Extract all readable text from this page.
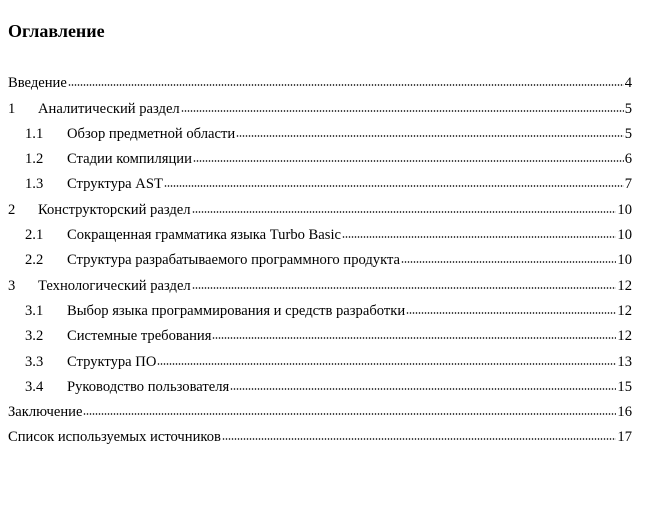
Оглавление
Введение	4
1	Аналитический раздел	5
1.1	Обзор предметной области	5
1.2	Стадии компиляции	6
1.3	Структура AST	7
2	Конструкторский раздел	10
2.1	Сокращенная грамматика языка Turbo Basic	10
2.2	Структура разрабатываемого программного продукта	10
3	Технологический раздел	12
3.1	Выбор языка программирования и средств разработки	12
3.2	Системные требования	12
3.3	Структура ПО	13
3.4	Руководство пользователя	15
Заключение	16
Список используемых источников	17
